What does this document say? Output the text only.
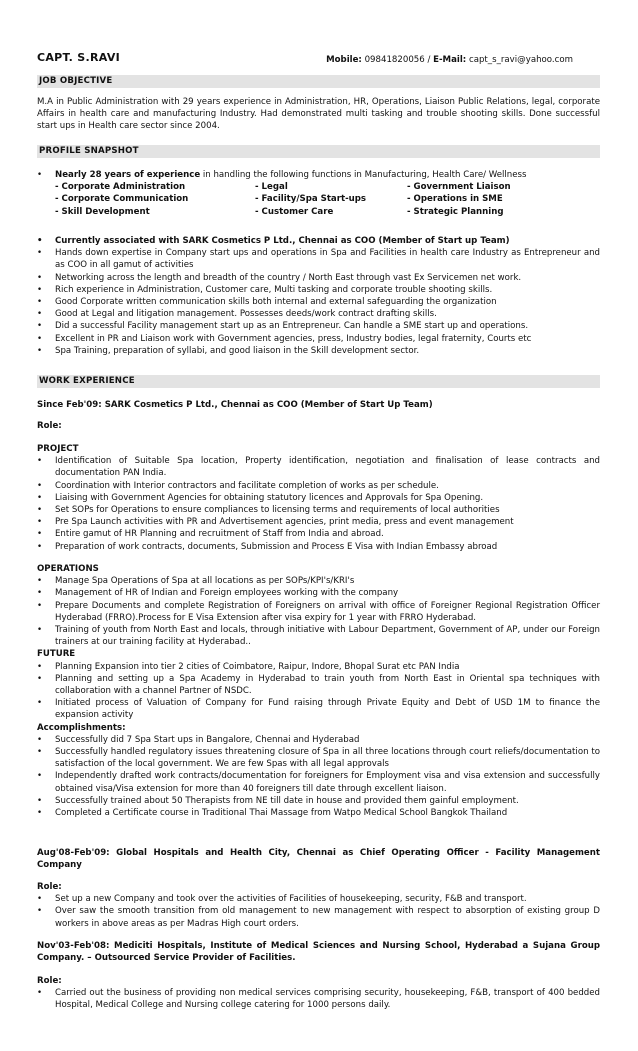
CAPT. S.RAVI	Mobile: 09841820056 / E-Mail: capt_s_ravi@yahoo.com
JOB OBJECTIVE
M.A in Public Administration with 29 years experience in Administration, HR, Operations, Liaison Public Relations, legal, corporate Affairs in health care and manufacturing Industry. Had demonstrated multi tasking and trouble shooting skills. Done successful start ups in Health care sector since 2004.
PROFILE SNAPSHOT
• Nearly 28 years of experience in handling the following functions in Manufacturing, Health Care/ Wellness
- Corporate Administration	- Legal	- Government Liaison
- Corporate Communication	- Facility/Spa Start-ups	- Operations in SME
- Skill Development	- Customer Care	- Strategic Planning
• Currently associated with SARK Cosmetics P Ltd., Chennai as COO (Member of Start up Team)
• Hands down expertise in Company start ups and operations in Spa and Facilities in health care Industry as Entrepreneur and as COO in all gamut of activities
• Networking across the length and breadth of the country / North East through vast Ex Servicemen net work.
• Rich experience in Administration, Customer care, Multi tasking and corporate trouble shooting skills.
• Good Corporate written communication skills both internal and external safeguarding the organization
• Good at Legal and litigation management. Possesses deeds/work contract drafting skills.
• Did a successful Facility management start up as an Entrepreneur. Can handle a SME start up and operations.
• Excellent in PR and Liaison work with Government agencies, press, Industry bodies, legal fraternity, Courts etc
• Spa Training, preparation of syllabi, and good liaison in the Skill development sector.
WORK EXPERIENCE
Since Feb'09: SARK Cosmetics P Ltd., Chennai as COO (Member of Start Up Team)
Role:
PROJECT
• Identification of Suitable Spa location, Property identification, negotiation and finalisation of lease contracts and documentation PAN India.
• Coordination with Interior contractors and facilitate completion of works as per schedule.
• Liaising with Government Agencies for obtaining statutory licences and Approvals for Spa Opening.
• Set SOPs for Operations to ensure compliances to licensing terms and requirements of local authorities
• Pre Spa Launch activities with PR and Advertisement agencies, print media, press and event management
• Entire gamut of HR Planning and recruitment of Staff from India and abroad.
• Preparation of work contracts, documents, Submission and Process E Visa with Indian Embassy abroad
OPERATIONS
• Manage Spa Operations of Spa at all locations as per SOPs/KPI's/KRI's
• Management of HR of Indian and Foreign employees working with the company
• Prepare Documents and complete Registration of Foreigners on arrival with office of Foreigner Regional Registration Officer Hyderabad (FRRO).Process for E Visa Extension after visa expiry for 1 year with FRRO Hyderabad.
• Training of youth from North East and locals, through initiative with Labour Department, Government of AP, under our Foreign trainers at our training facility at Hyderabad..
FUTURE
• Planning Expansion into tier 2 cities of Coimbatore, Raipur, Indore, Bhopal Surat etc PAN India
• Planning and setting up a Spa Academy in Hyderabad to train youth from North East in Oriental spa techniques with collaboration with a channel Partner of NSDC.
• Initiated process of Valuation of Company for Fund raising through Private Equity and Debt of USD 1M to finance the expansion activity
Accomplishments:
• Successfully did 7 Spa Start ups in Bangalore, Chennai and Hyderabad
• Successfully handled regulatory issues threatening closure of Spa in all three locations through court reliefs/documentation to satisfaction of the local government. We are few Spas with all legal approvals
• Independently drafted work contracts/documentation for foreigners for Employment visa and visa extension and successfully obtained visa/Visa extension for more than 40 foreigners till date through excellent liaison.
• Successfully trained about 50 Therapists from NE till date in house and provided them gainful employment.
• Completed a Certificate course in Traditional Thai Massage from Watpo Medical School Bangkok Thailand
Aug'08-Feb'09: Global Hospitals and Health City, Chennai as Chief Operating Officer - Facility Management Company
Role:
• Set up a new Company and took over the activities of Facilities of housekeeping, security, F&B and transport.
• Over saw the smooth transition from old management to new management with respect to absorption of existing group D workers in above areas as per Madras High court orders.
Nov'03-Feb'08: Mediciti Hospitals, Institute of Medical Sciences and Nursing School, Hyderabad a Sujana Group Company. – Outsourced Service Provider of Facilities.
Role:
• Carried out the business of providing non medical services comprising security, housekeeping, F&B, transport of 400 bedded Hospital, Medical College and Nursing college catering for 1000 persons daily.
